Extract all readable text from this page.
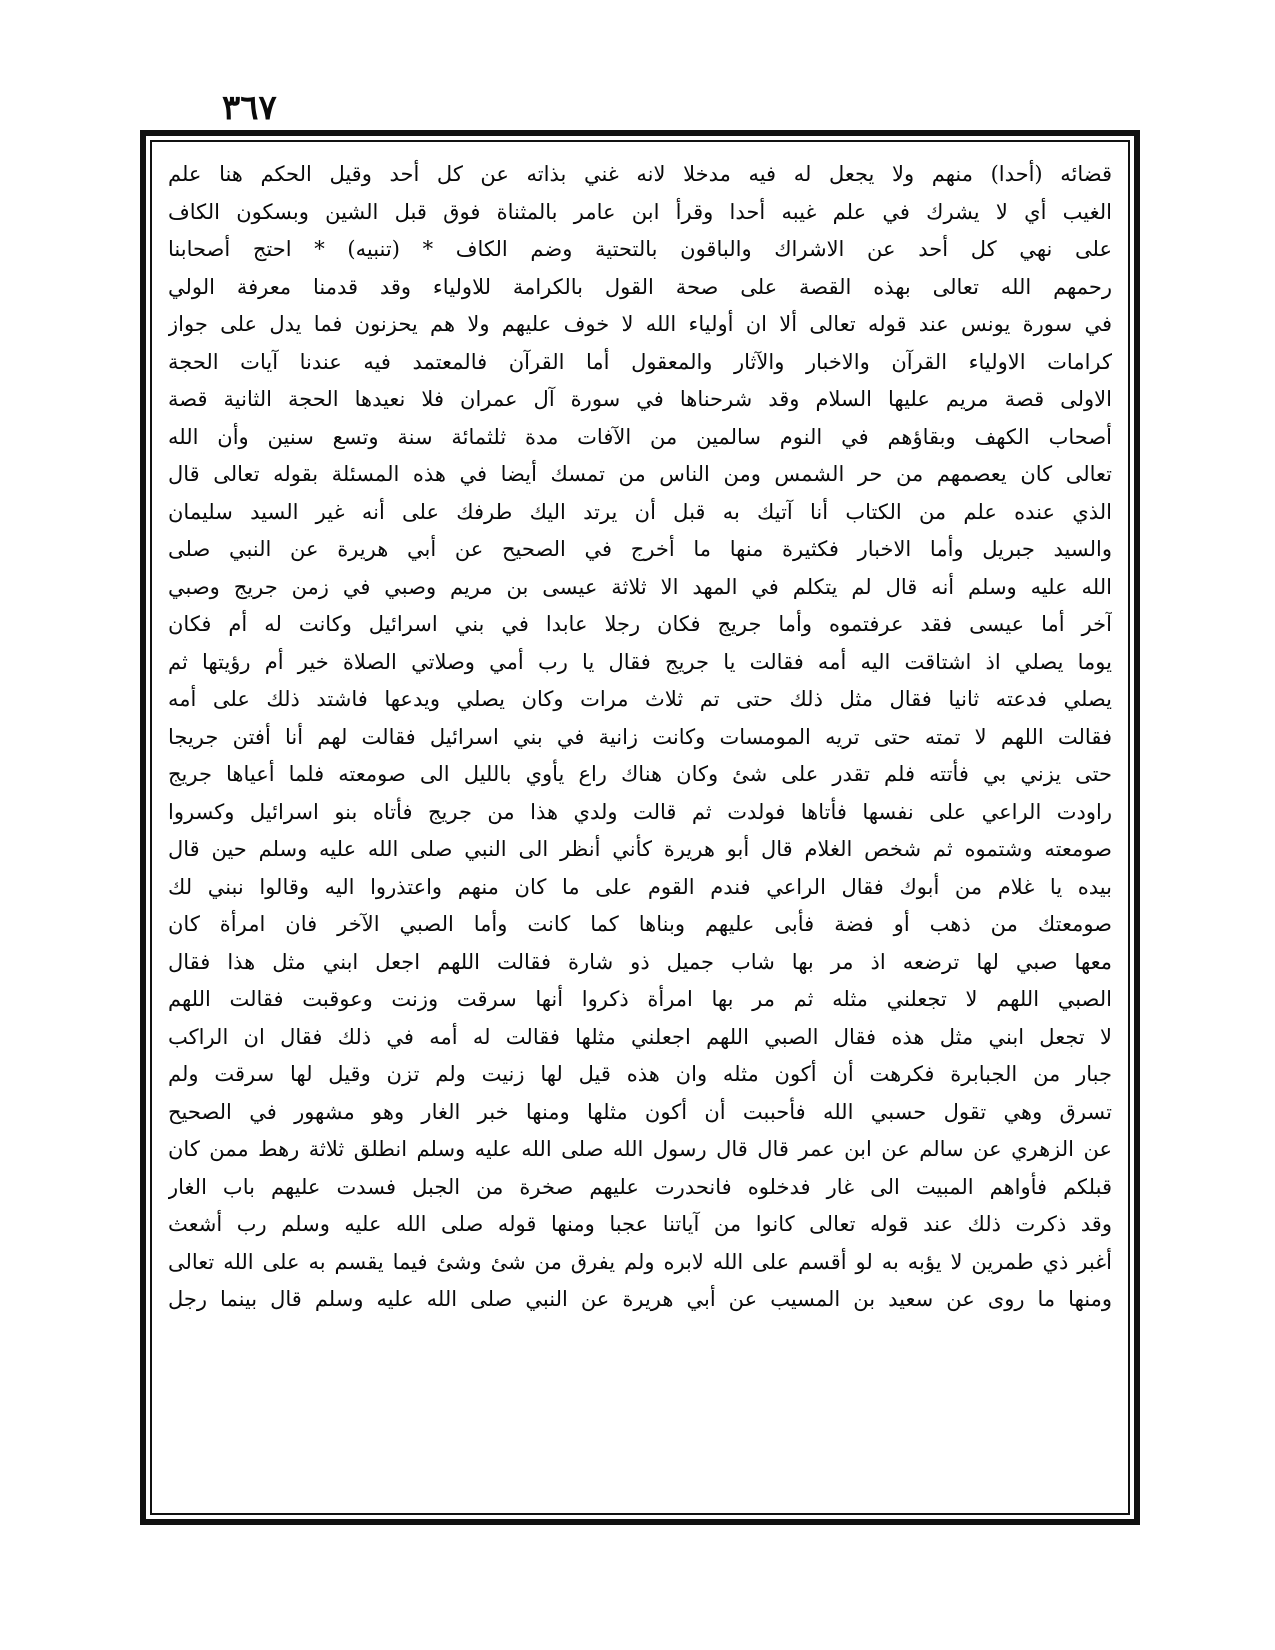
٣٦٧
قضائه (أحدا) منهم ولا يجعل له فيه مدخلا لانه غني بذاته عن كل أحد وقيل الحكم هنا علم
الغيب أي لا يشرك في علم غيبه أحدا وقرأ ابن عامر بالمثناة فوق قبل الشين وبسكون الكاف
على نهي كل أحد عن الاشراك والباقون بالتحتية وضم الكاف * (تنبيه) * احتج أصحابنا
رحمهم الله تعالى بهذه القصة على صحة القول بالكرامة للاولياء وقد قدمنا معرفة الولي
في سورة يونس عند قوله تعالى ألا ان أولياء الله لا خوف عليهم ولا هم يحزنون فما يدل على جواز
كرامات الاولياء القرآن والاخبار والآثار والمعقول أما القرآن فالمعتمد فيه عندنا آيات الحجة
الاولى قصة مريم عليها السلام وقد شرحناها في سورة آل عمران فلا نعيدها الحجة الثانية قصة
أصحاب الكهف وبقاؤهم في النوم سالمين من الآفات مدة ثلثمائة سنة وتسع سنين وأن الله
تعالى كان يعصمهم من حر الشمس ومن الناس من تمسك أيضا في هذه المسئلة بقوله تعالى قال
الذي عنده علم من الكتاب أنا آتيك به قبل أن يرتد اليك طرفك على أنه غير السيد سليمان
والسيد جبريل وأما الاخبار فكثيرة منها ما أخرج في الصحيح عن أبي هريرة عن النبي صلى
الله عليه وسلم أنه قال لم يتكلم في المهد الا ثلاثة عيسى بن مريم وصبي في زمن جريج وصبي
آخر أما عيسى فقد عرفتموه وأما جريج فكان رجلا عابدا في بني اسرائيل وكانت له أم فكان
يوما يصلي اذ اشتاقت اليه أمه فقالت يا جريج فقال يا رب أمي وصلاتي الصلاة خير أم رؤيتها ثم
يصلي فدعته ثانيا فقال مثل ذلك حتى تم ثلاث مرات وكان يصلي ويدعها فاشتد ذلك على أمه
فقالت اللهم لا تمته حتى تريه المومسات وكانت زانية في بني اسرائيل فقالت لهم أنا أفتن جريجا
حتى يزني بي فأتته فلم تقدر على شئ وكان هناك راع يأوي بالليل الى صومعته فلما أعياها جريج
راودت الراعي على نفسها فأتاها فولدت ثم قالت ولدي هذا من جريج فأتاه بنو اسرائيل وكسروا
صومعته وشتموه ثم شخص الغلام قال أبو هريرة كأني أنظر الى النبي صلى الله عليه وسلم حين قال
بيده يا غلام من أبوك فقال الراعي فندم القوم على ما كان منهم واعتذروا اليه وقالوا نبني لك
صومعتك من ذهب أو فضة فأبى عليهم وبناها كما كانت وأما الصبي الآخر فان امرأة كان
معها صبي لها ترضعه اذ مر بها شاب جميل ذو شارة فقالت اللهم اجعل ابني مثل هذا فقال
الصبي اللهم لا تجعلني مثله ثم مر بها امرأة ذكروا أنها سرقت وزنت وعوقبت فقالت اللهم
لا تجعل ابني مثل هذه فقال الصبي اللهم اجعلني مثلها فقالت له أمه في ذلك فقال ان الراكب
جبار من الجبابرة فكرهت أن أكون مثله وان هذه قيل لها زنيت ولم تزن وقيل لها سرقت ولم
تسرق وهي تقول حسبي الله فأحببت أن أكون مثلها ومنها خبر الغار وهو مشهور في الصحيح
عن الزهري عن سالم عن ابن عمر قال قال رسول الله صلى الله عليه وسلم انطلق ثلاثة رهط ممن كان
قبلكم فأواهم المبيت الى غار فدخلوه فانحدرت عليهم صخرة من الجبل فسدت عليهم باب الغار
وقد ذكرت ذلك عند قوله تعالى كانوا من آياتنا عجبا ومنها قوله صلى الله عليه وسلم رب أشعث
أغبر ذي طمرين لا يؤبه به لو أقسم على الله لابره ولم يفرق من شئ وشئ فيما يقسم به على الله تعالى
ومنها ما روى عن سعيد بن المسيب عن أبي هريرة عن النبي صلى الله عليه وسلم قال بينما رجل
